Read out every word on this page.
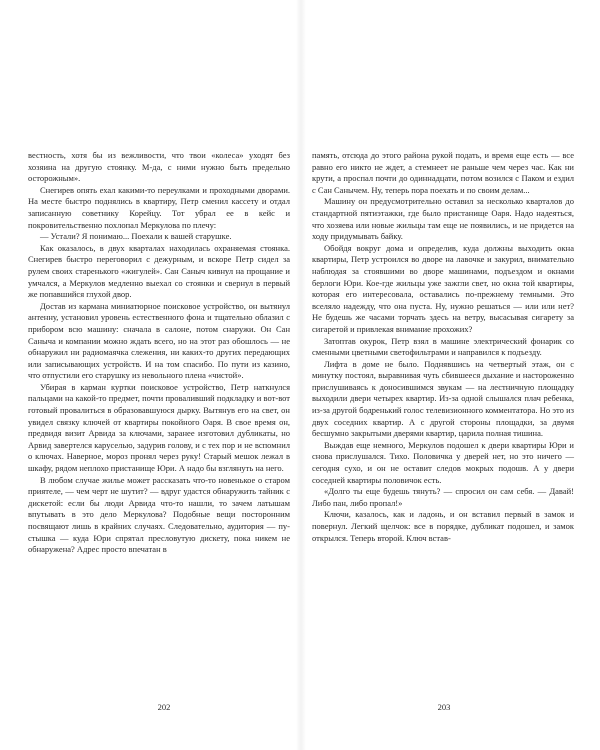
вестность, хотя бы из вежливости, что твои «колеса» уходят без хозяина на другую стоянку. М-да, с ними нужно быть предельно осторожным».

Снегирев опять ехал какими-то переулками и проходными дворами. На месте быстро поднялись в квартиру, Петр сменил кассету и отдал записанную советнику Корейцу. Тот убрал ее в кейс и покровительственно похлопал Меркулова по плечу:

— Устали? Я понимаю... Поехали к вашей старушке.

Как оказалось, в двух кварталах находилась охраняемая стоянка. Снегирев быстро переговорил с дежурным, и вскоре Петр сидел за рулем своих старенького «жигулей». Сан Саныч кивнул на прощание и умчался, а Меркулов медленно выехал со стоянки и свернул в первый же попавшийся глухой двор.

Достав из кармана миниатюрное поисковое устройство, он вытянул антенну, установил уровень естественного фона и тщательно облазил с прибором всю машину: сначала в салоне, потом снаружи. Он Сан Саныча и компании можно ждать всего, но на этот раз обошлось — не обнаружил ни радиомаячка слежения, ни каких-то других передающих или записывающих устройств. И на том спасибо. По пути из казино, что отпустили его старушку из невольного плена «чистой».

Убирая в карман куртки поисковое устройство, Петр наткнулся пальцами на какой-то предмет, почти проваливший подкладку и вот-вот готовый провалиться в образовавшуюся дырку. Вытянув его на свет, он увидел связку ключей от квартиры покойного Оаря. В свое время он, предвидя визит Арвида за ключами, заранее изготовил дубликаты, но Арвид завертелся каруселью, задурив голову, и с тех пор и не вспомнил о ключах. Наверное, мороз пронял через руку! Старый мешок лежал в шкафу, рядом неплохо пристанище Юри. А надо бы взглянуть на него.

В любом случае жилье может рассказать что-то новенькое о старом приятеле, — чем черт не шутит? — вдруг удастся обнаружить тайник с дискетой: если бы люди Арвида что-то нашли, то зачем латышам впутывать в это дело Меркулова? Подобные вещи посторонним посвящают лишь в крайних случаях. Следовательно, аудитория — пустышка — куда Юри спрятал пресловутую дискету, пока никем не обнаружена? Адрес просто впечатан в

202

память, отсюда до этого района рукой подать, и время еще есть — все равно его никто не ждет, а стемнеет не раньше чем через час. Как ни крути, а проспал почти до одиннадцати, потом возился с Паком и ездил с Сан Санычем. Ну, теперь пора поехать и по своим делам...

Машину он предусмотрительно оставил за несколько кварталов до стандартной пятиэтажки, где было пристанище Оаря. Надо надеяться, что хозяева или новые жильцы там еще не появились, и не придется на ходу придумывать байку.

Обойдя вокруг дома и определив, куда должны выходить окна квартиры, Петр устроился во дворе на лавочке и закурил, внимательно наблюдая за стоявшими во дворе машинами, подъездом и окнами берлоги Юри. Кое-где жильцы уже зажгли свет, но окна той квартиры, которая его интересовала, оставались по-прежнему темными. Это вселяло надежду, что она пуста. Ну, нужно решаться — или или нет? Не будешь же часами торчать здесь на ветру, высасывая сигарету за сигаретой и привлекая внимание прохожих?

Затоптав окурок, Петр взял в машине электрический фонарик со сменными цветными светофильтрами и направился к подъезду.

Лифта в доме не было. Поднявшись на четвертый этаж, он с минутку постоял, выравнивая чуть сбившееся дыхание и настороженно прислушиваясь к доносившимся звукам — на лестничную площадку выходили двери четырех квартир. Из-за одной слышался плач ребенка, из-за другой бодренький голос телевизионного комментатора. Но это из двух соседних квартир. А с другой стороны площадки, за двумя бесшумно закрытыми дверями квартир, царила полная тишина.

Выждав еще немного, Меркулов подошел к двери квартиры Юри и снова прислушался. Тихо. Половичка у дверей нет, но это ничего — сегодня сухо, и он не оставит следов мокрых подошв. А у двери соседней квартиры половичок есть.

«Долго ты еще будешь тянуть? — спросил он сам себя. — Давай! Либо пан, либо пропал!»

Ключи, казалось, как и ладонь, и он вставил первый в замок и повернул. Легкий щелчок: все в порядке, дубликат подошел, и замок открылся. Теперь второй. Ключ встав-

203
